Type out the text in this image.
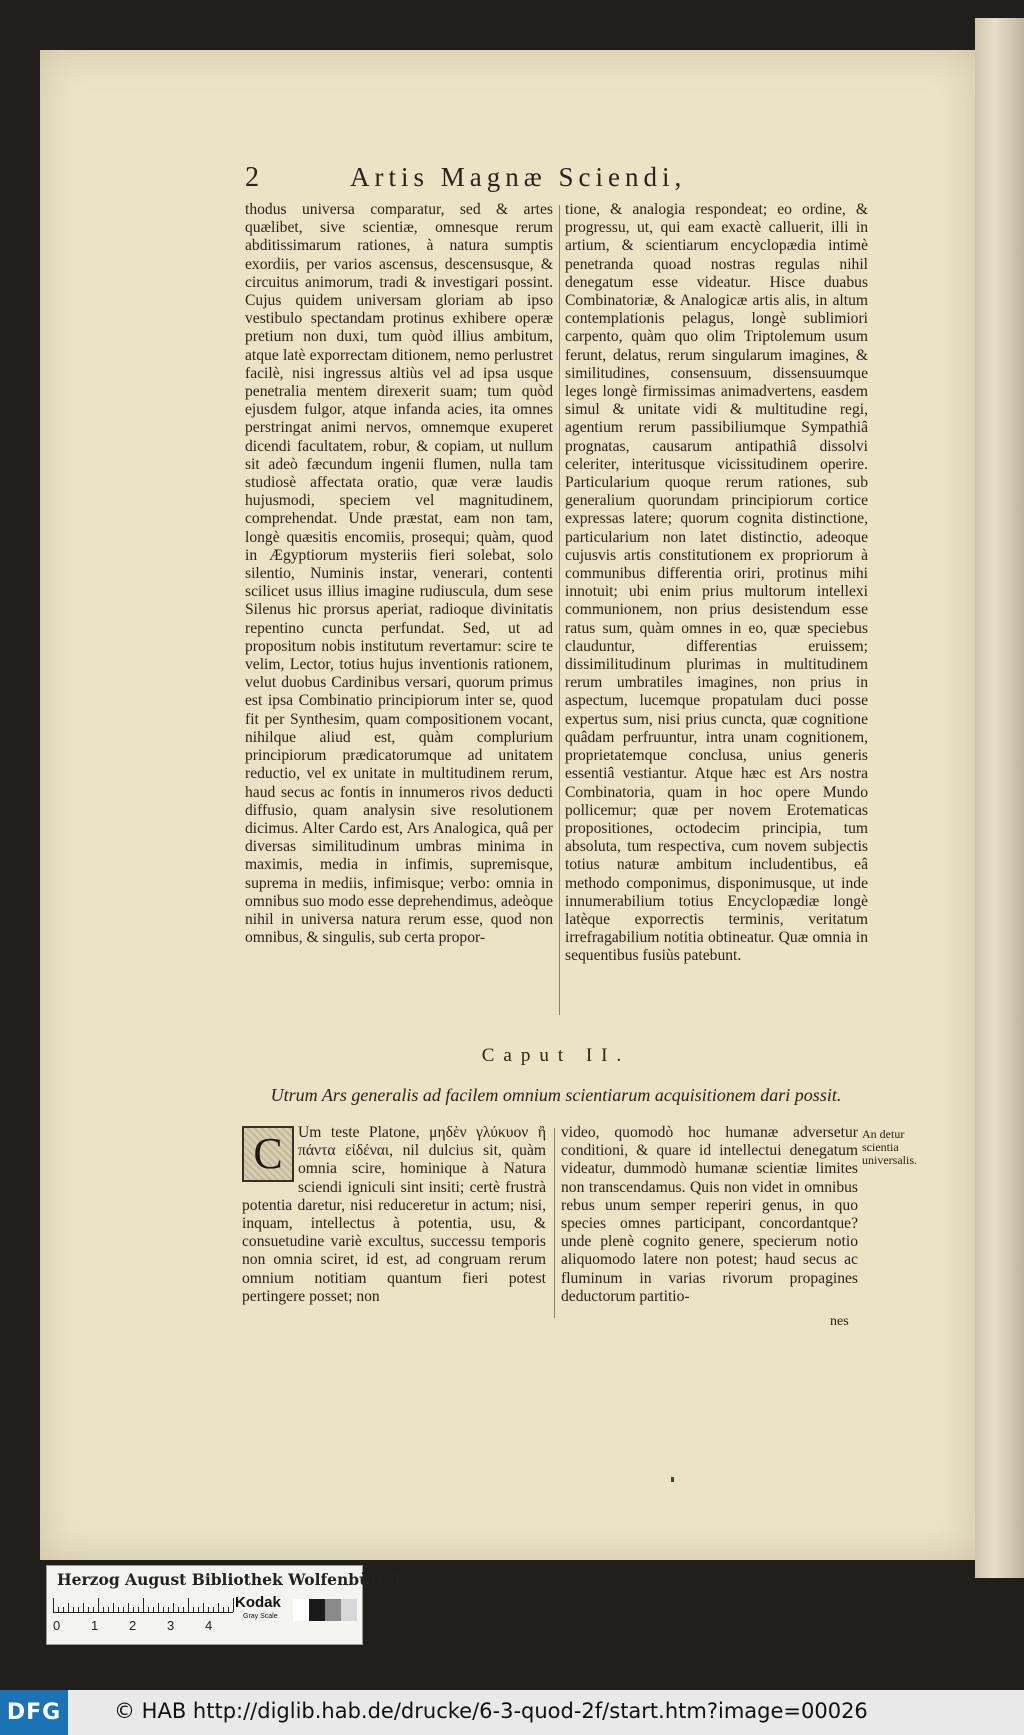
2	Artis Magnæ Sciendi,
thodus universa comparatur, sed & artes quælibet, sive scientiæ, omnesque rerum abditissimarum rationes, à natura sumptis exordiis, per varios ascensus, descensusque, & circuitus animorum, tradi & investigari possint. Cujus quidem universam gloriam ab ipso vestibulo spectandam protinus exhibere operæ pretium non duxi, tum quòd illius ambitum, atque latè exporrectam ditionem, nemo perlustret facilè, nisi ingressus altiùs vel ad ipsa usque penetralia mentem direxerit suam; tum quòd ejusdem fulgor, atque infanda acies, ita omnes perstringat animi nervos, omnemque exuperet dicendi facultatem, robur, & copiam, ut nullum sit adeò fæcundum ingenii flumen, nulla tam studiosè affectata oratio, quæ veræ laudis hujusmodi, speciem vel magnitudinem, comprehendat. Unde præstat, eam non tam, longè quæsitis encomiis, prosequi; quàm, quod in Ægyptiorum mysteriis fieri solebat, solo silentio, Numinis instar, venerari, contenti scilicet usus illius imagine rudiuscula, dum sese Silenus hic prorsus aperiat, radioque divinitatis repentino cuncta perfundat. Sed, ut ad propositum nobis institutum revertamur: scire te velim, Lector, totius hujus inventionis rationem, velut duobus Cardinibus versari, quorum primus est ipsa Combinatio principiorum inter se, quod fit per Synthesim, quam compositionem vocant, nihilque aliud est, quàm complurium principiorum prædicatorumque ad unitatem reductio, vel ex unitate in multitudinem rerum, haud secus ac fontis in innumeros rivos deducti diffusio, quam analysin sive resolutionem dicimus. Alter Cardo est, Ars Analogica, quâ per diversas similitudinum umbras minima in maximis, media in infimis, supremisque, suprema in mediis, infimisque; verbo: omnia in omnibus suo modo esse deprehendimus, adeòque nihil in universa natura rerum esse, quod non omnibus, & singulis, sub certa propor-
tione, & analogia respondeat; eo ordine, & progressu, ut, qui eam exactè calluerit, illi in artium, & scientiarum encyclopædia intimè penetranda quoad nostras regulas nihil denegatum esse videatur. Hisce duabus Combinatoriæ, & Analogicæ artis alis, in altum contemplationis pelagus, longè sublimiori carpento, quàm quo olim Triptolemum usum ferunt, delatus, rerum singularum imagines, & similitudines, consensuum, dissensuumque leges longè firmissimas animadvertens, easdem simul & unitate vidi & multitudine regi, agentium rerum passibiliumque Sympathiâ prognatas, causarum antipathiâ dissolvi celeriter, interitusque vicissitudinem operire. Particularium quoque rerum rationes, sub generalium quorundam principiorum cortice expressas latere; quorum cognita distinctione, particularium non latet distinctio, adeoque cujusvis artis constitutionem ex propriorum à communibus differentia oriri, protinus mihi innotuit; ubi enim prius multorum intellexi communionem, non prius desistendum esse ratus sum, quàm omnes in eo, quæ speciebus clauduntur, differentias eruissem; dissimilitudinum plurimas in multitudinem rerum umbratiles imagines, non prius in aspectum, lucemque propatulam duci posse expertus sum, nisi prius cuncta, quæ cognitione quâdam perfruuntur, intra unam cognitionem, proprietatemque conclusa, unius generis essentiâ vestiantur. Atque hæc est Ars nostra Combinatoria, quam in hoc opere Mundo pollicemur; quæ per novem Erotematicas propositiones, octodecim principia, tum absoluta, tum respectiva, cum novem subjectis totius naturæ ambitum includentibus, eâ methodo componimus, disponimusque, ut inde innumerabilium totius Encyclopædiæ longè latèque exporrectis terminis, veritatum irrefragabilium notitia obtineatur. Quæ omnia in sequentibus fusiùs patebunt.
Caput II.
Utrum Ars generalis ad facilem omnium scientiarum acquisitionem dari possit.
C Um teste Platone, μηδὲν γλύκυον ἢ πάντα εἰδέναι, nil dulcius sit, quàm omnia scire, hominique à Natura sciendi igniculi sint insiti; certè frustrà potentia daretur, nisi reduceretur in actum; nisi, inquam, intellectus à potentia, usu, & consuetudine variè excultus, successu temporis non omnia sciret, id est, ad congruam rerum omnium notitiam quantum fieri potest pertingere posset; non
video, quomodò hoc humanæ adversetur conditioni, & quare id intellectui denegatum videatur, dummodò humanæ scientiæ limites non transcendamus. Quis non videt in omnibus rebus unum semper reperiri genus, in quo species omnes participant, concordantque? unde plenè cognito genere, specierum notio aliquomodo latere non potest; haud secus ac fluminum in varias rivorum propagines deductorum partitio-
An detur scientia universalis.
nes
Herzog August Bibliothek Wolfenbüttel
0 1 2 3 4
Kodak
Gray Scale
DFG	© HAB http://diglib.hab.de/drucke/6-3-quod-2f/start.htm?image=00026
